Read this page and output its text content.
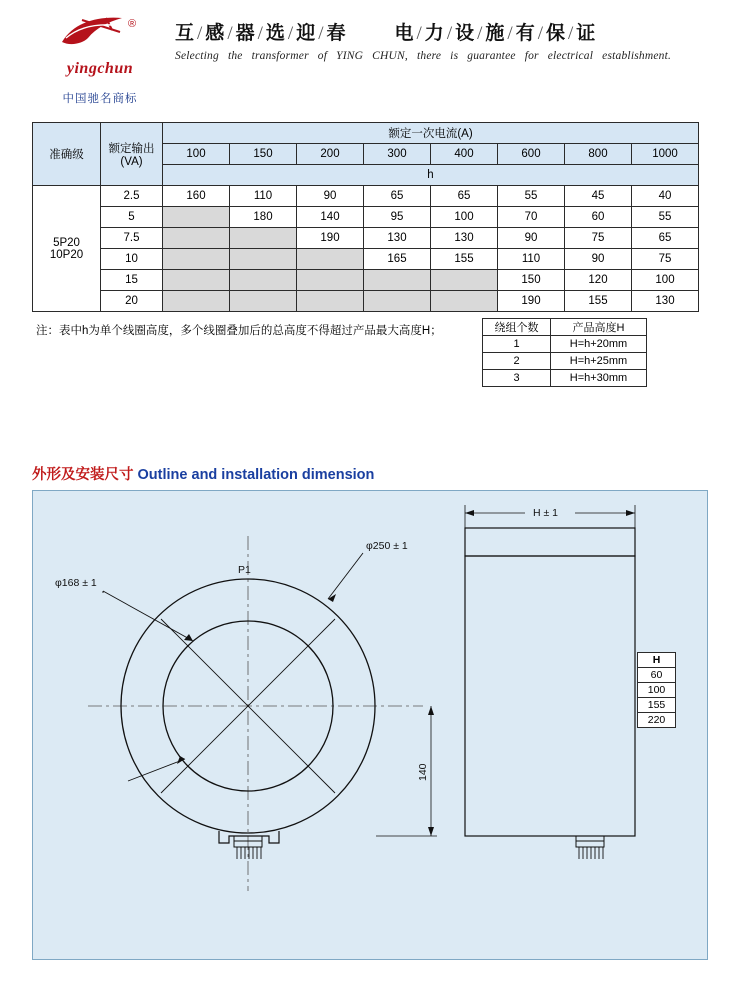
yingchun
中国驰名商标
® 互 / 感 / 器 / 选 / 迎 / 春	电 / 力 / 设 / 施 / 有 / 保 / 证
Selecting the transformer of YING CHUN, there is guarantee for electrical establishment.
准确级	额定输出
(VA)	额定一次电流(A)							
		100	150	200	300	400	600	800	1000
		h							
5P20
10P20	2.5	160	110	90	65	65	55	45	40
	5		180	140	95	100	70	60	55
	7.5			190	130	130	90	75	65
	10				165	155	110	90	75
	15						150	120	100
	20						190	155	130
注：表中h为单个线圈高度，多个线圈叠加后的总高度不得超过产品最大高度H；	绕组个数	产品高度H
1	H=h+20mm
2	H=h+25mm
3	H=h+30mm
外形及安装尺寸 Outline and installation dimension
φ250 ± 1
φ168 ± 1
P1
140
H ± 1
H
60
100
155
220
